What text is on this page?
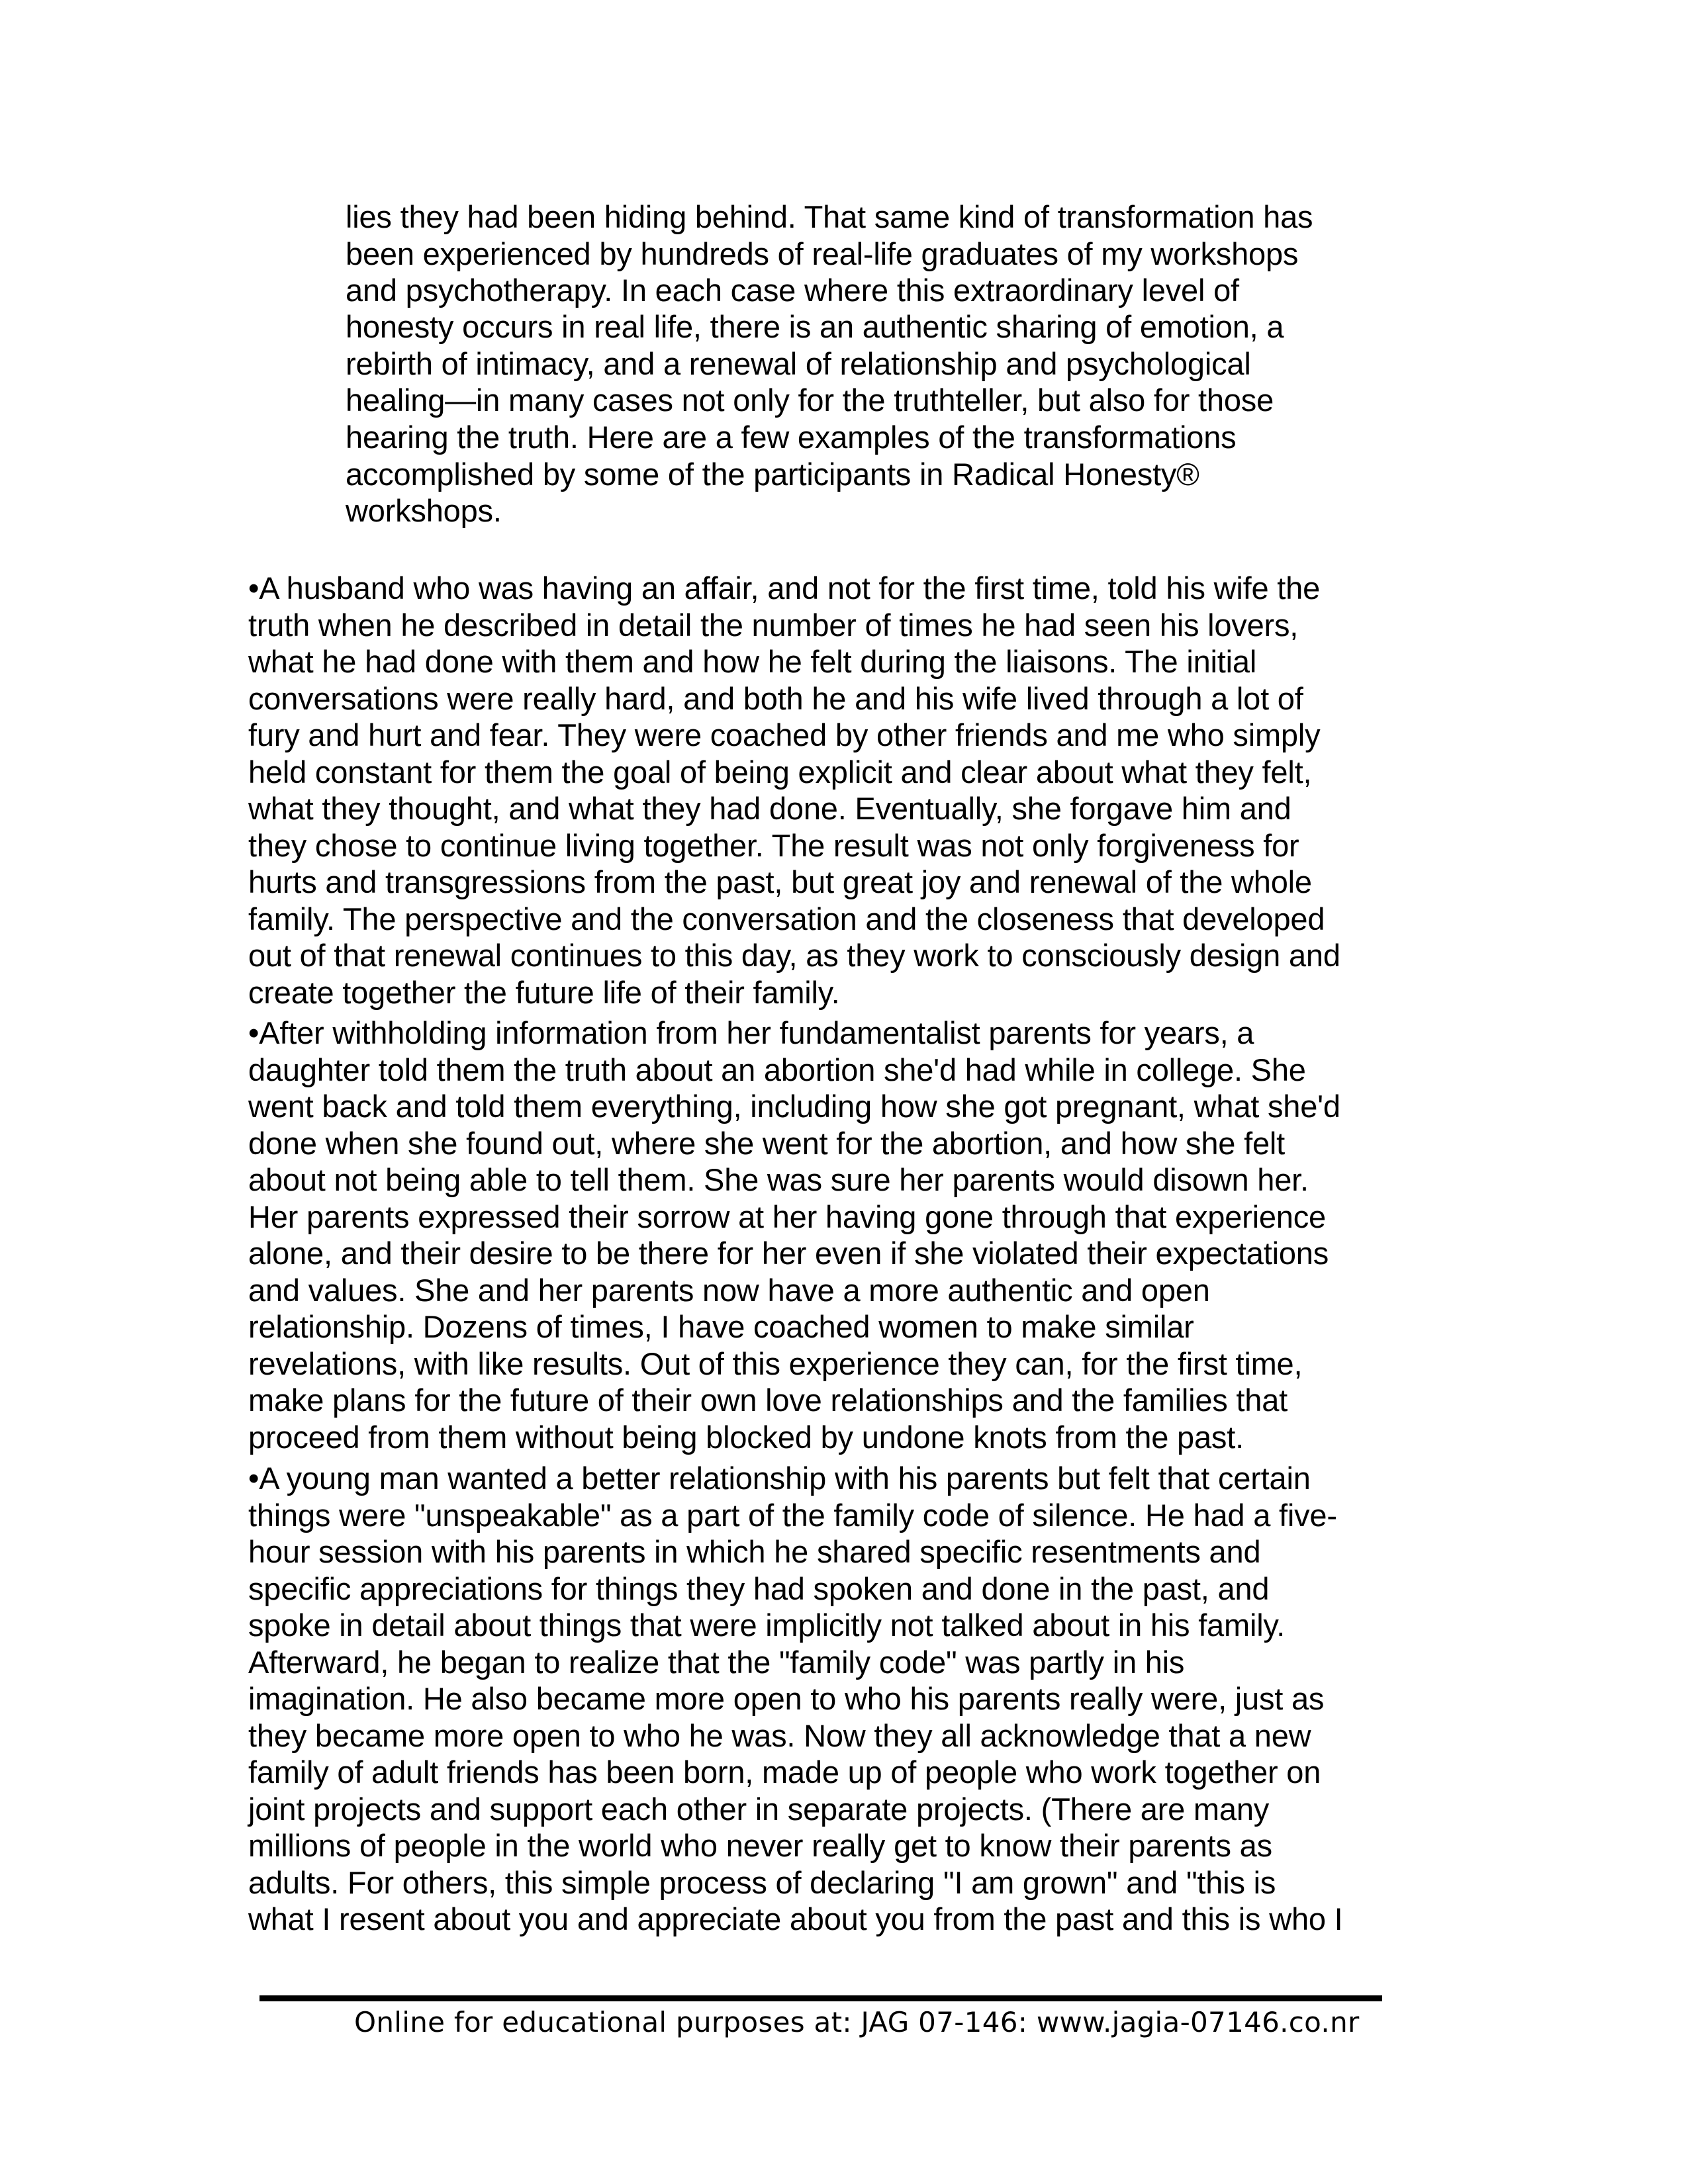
lies they had been hiding behind. That same kind of transformation has
been experienced by hundreds of real-life graduates of my workshops
and psychotherapy. In each case where this extraordinary level of
honesty occurs in real life, there is an authentic sharing of emotion, a
rebirth of intimacy, and a renewal of relationship and psychological
healing—in many cases not only for the truthteller, but also for those
hearing the truth. Here are a few examples of the transformations
accomplished by some of the participants in Radical Honesty®
workshops.
•A husband who was having an affair, and not for the first time, told his wife the
truth when he described in detail the number of times he had seen his lovers,
what he had done with them and how he felt during the liaisons. The initial
conversations were really hard, and both he and his wife lived through a lot of
fury and hurt and fear. They were coached by other friends and me who simply
held constant for them the goal of being explicit and clear about what they felt,
what they thought, and what they had done. Eventually, she forgave him and
they chose to continue living together. The result was not only forgiveness for
hurts and transgressions from the past, but great joy and renewal of the whole
family. The perspective and the conversation and the closeness that developed
out of that renewal continues to this day, as they work to consciously design and
create together the future life of their family.
•After withholding information from her fundamentalist parents for years, a
daughter told them the truth about an abortion she'd had while in college. She
went back and told them everything, including how she got pregnant, what she'd
done when she found out, where she went for the abortion, and how she felt
about not being able to tell them. She was sure her parents would disown her.
Her parents expressed their sorrow at her having gone through that experience
alone, and their desire to be there for her even if she violated their expectations
and values. She and her parents now have a more authentic and open
relationship. Dozens of times, I have coached women to make similar
revelations, with like results. Out of this experience they can, for the first time,
make plans for the future of their own love relationships and the families that
proceed from them without being blocked by undone knots from the past.
•A young man wanted a better relationship with his parents but felt that certain
things were "unspeakable" as a part of the family code of silence. He had a five-
hour session with his parents in which he shared specific resentments and
specific appreciations for things they had spoken and done in the past, and
spoke in detail about things that were implicitly not talked about in his family.
Afterward, he began to realize that the "family code" was partly in his
imagination. He also became more open to who his parents really were, just as
they became more open to who he was. Now they all acknowledge that a new
family of adult friends has been born, made up of people who work together on
joint projects and support each other in separate projects. (There are many
millions of people in the world who never really get to know their parents as
adults. For others, this simple process of declaring "I am grown" and "this is
what I resent about you and appreciate about you from the past and this is who I
Online for educational purposes at: JAG 07-146: www.jagia-07146.co.nr
